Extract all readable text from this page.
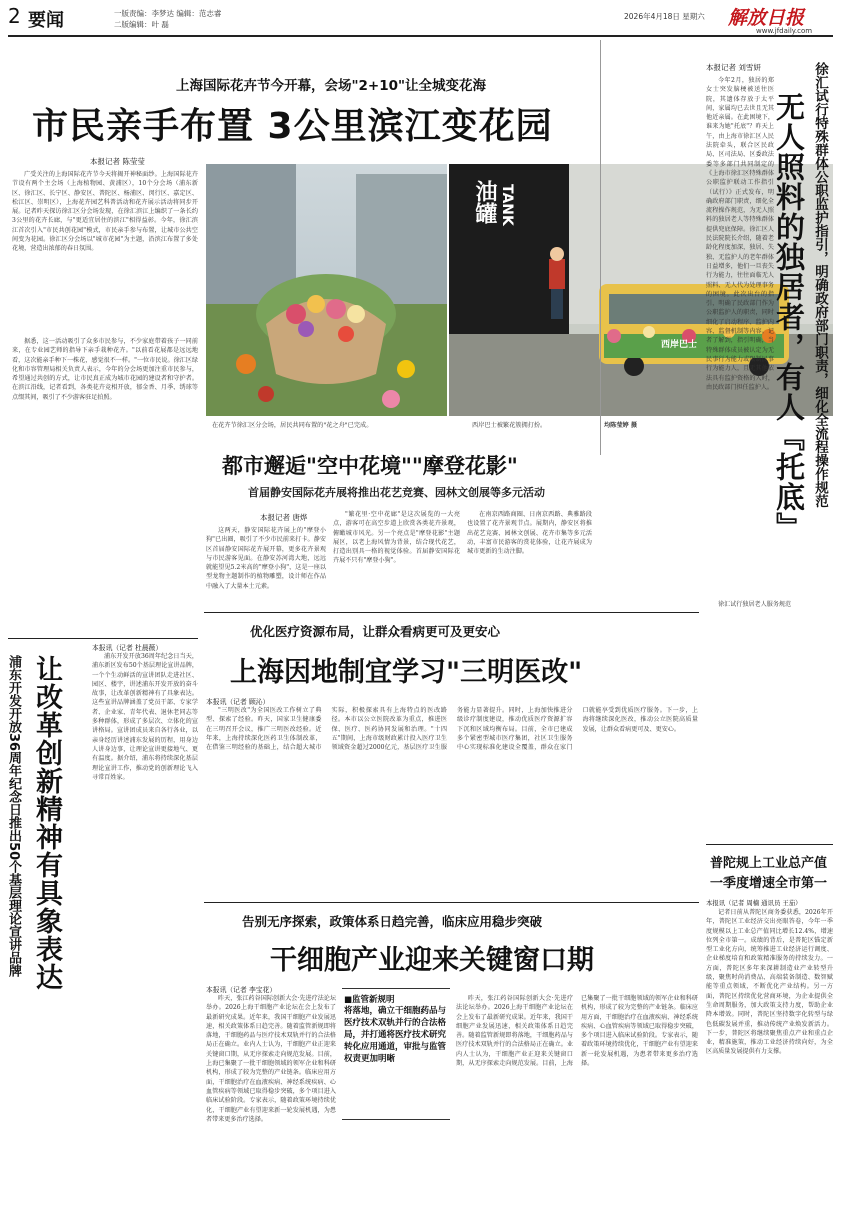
2 要闻	一版责编：李梦达 编辑：范志睿
二版编辑：叶 磊
2026年4月18日 星期六 解放日报
www.jfdaily.com
上海国际花卉节今开幕，会场"2+10"让全城变花海
市民亲手布置 3公里滨江变花园
本报记者 陈莹莹

广受关注的上海国际花卉节今天将揭开神秘面纱。上海国际花卉节设有两个主会场（上海植物园、黄浦区），10个分会场（浦东新区、徐汇区、长宁区、静安区、普陀区、杨浦区、闵行区、嘉定区、松江区、崇明区），上海花卉园艺科普活动和花卉展示活动将同步开展。记者昨天探访徐汇区分会场发现，在徐汇滨江上编织了一条长约3公里的花卉长廊，与"更适宜居住的滨江"相得益彰。今年，徐汇滨江首次引入"市民共创花园"模式，市民亲手参与布置，让城市公共空间变为花园。徐汇区分会场以"城市花园"为主题，沿滨江布置了多处花境，营造出浓郁的春日氛围。

据悉，这一活动吸引了众多市民参与，不少家庭带着孩子一同前来，在专业园艺师的指导下亲手栽种花卉。"以前看花展都是远远地看，这次能亲手种下一株花，感觉很不一样。"一位市民说。徐汇区绿化和市容管理局相关负责人表示，今年的分会场更加注重市民参与，希望通过共创的方式，让市民真正成为城市花园的建设者和守护者。在滨江沿线，记者看到，各类花卉竞相开放，郁金香、月季、绣球等点缀其间，吸引了不少游客驻足拍照。

油罐 TANK
西岸巴士
在花卉节徐汇区分会场，居民共同布置的"花之舟"已完成。	西岸巴士被繁花簇拥打扮。	均陈莹婷 摄
都市邂逅"空中花境""摩登花影"
首届静安国际花卉展将推出花艺竞赛、园林文创展等多元活动
本报记者 唐烨

这两天，静安国际花卉展上的"摩登小狗"已出圈，吸引了不少市民前来打卡。静安区首届静安国际花卉展开幕，更多花卉景观与市民游客见面。在静安苏河湾大地，远远就能望见5.2米高的"摩登小狗"，这是一座以型龙物主题制作的植物雕塑，设计师在作品中融入了大量本土元素。

"繁花里·空中花廊"是这次展览的一大亮点，游客可在高空步道上欣赏各类花卉景观，俯瞰城市风光。另一个亮点是"摩登花影"主题展区，以老上海风情为背景，结合现代花艺，打造出别具一格的视觉体验。首届静安国际花卉展不只有"摩登小狗"。

在南京西路商圈、日南京西路、典雅路段也设置了花卉景观节点。展期内，静安区将推出花艺竞赛、园林文创展、花卉市集等多元活动，丰富市民游客的赏花体验，让花卉展成为城市更新的生动注脚。

本报记者 刘雪妍
无人照料的独居者，有人『托底』 徐汇试行特殊群体公职监护指引，明确政府部门职责，细化全流程操作规范

今年2月，独居的郑女士突发脑梗被送往医院，其遗体存放于太平间，家属均已去世且无其他近亲属。在此困境下，谁来为她"托底"？昨天上午，由上海市徐汇区人民法院牵头，联合区民政局、区司法局、区委政法委等多部门共同制定的《上海市徐汇区特殊群体公职监护联动工作指引（试行）》正式发布，明确政府部门职责，细化全流程操作规范，为无人照料的独居老人等特殊群体提供兜底保障。徐汇区人民法院院长介绍，随着老龄化程度加深，独居、失独、无监护人的老年群体日益增多，他们一旦丧失行为能力，往往面临无人照料、无人代为处理事务的困境。此次出台的指引，明确了民政部门作为公职监护人的职责，同时细化了启动程序、监护内容、监督机制等内容。记者了解到，指引明确，当特殊群体成员被认定为无民事行为能力或限制民事行为能力人，且无其他依法具有监护资格的人时，由民政部门担任监护人。

徐汇试行独居老人服务规范

浦东开发开放36周年纪念日推出50个基层理论宣讲品牌 让改革创新精神有具象表达
本报讯（记者 杜晨薇）

浦东开发开放36周年纪念日当天，浦东新区发布50个基层理论宣讲品牌，一个个生动鲜活的宣讲团队走进社区、园区、楼宇，讲述浦东开发开放的奋斗故事，让改革创新精神有了具象表达。这些宣讲品牌涵盖了党员干部、专家学者、企业家、青年代表、退休老同志等多种群体，形成了多层次、立体化的宣讲格局。宣讲团成员来自各行各业，以亲身经历讲述浦东发展的历程，用身边人讲身边事，让理论宣讲更接地气、更有温度。据介绍，浦东将持续深化基层理论宣讲工作，推动党的创新理论飞入寻常百姓家。

优化医疗资源布局，让群众看病更可及更安心
上海因地制宜学习"三明医改"
本报讯（记者 顾沁）

"三明医改"为全国医改工作树立了典型、探索了经验。昨天，国家卫生健康委在三明召开会议，推广三明医改经验。近年来，上海持续深化医药卫生体制改革，在借鉴三明经验的基础上，结合超大城市实际，积极探索具有上海特点的医改路径。本市以公立医院改革为重点，推进医保、医疗、医药协同发展和治理。"十四五"期间，上海市级财政累计投入医疗卫生领域资金超过2000亿元，基层医疗卫生服务能力显著提升。同时，上海加快推进分级诊疗制度建设，推动优质医疗资源扩容下沉和区域均衡布局。目前，全市已建成多个紧密型城市医疗集团，社区卫生服务中心实现标准化建设全覆盖，群众在家门口就能享受到优质医疗服务。下一步，上海将继续深化医改，推动公立医院高质量发展，让群众看病更可及、更安心。

告别无序探索，政策体系日趋完善，临床应用稳步突破
干细胞产业迎来关键窗口期
本报讯（记者 李宝花）
■监管新规明
将落地，确立干细胞药品与医疗技术双轨并行的合法格局，并打通将医疗技术研究转化应用通道，审批与监管权责更加明晰

昨天，张江药谷国际创新大会·先进疗法论坛举办。2026上海干细胞产业论坛在会上发布了最新研究成果。近年来，我国干细胞产业发展迅速，相关政策体系日趋完善。随着监管新规即将落地，干细胞药品与医疗技术双轨并行的合法格局正在确立。业内人士认为，干细胞产业正迎来关键窗口期，从无序探索走向规范发展。目前，上海已集聚了一批干细胞领域的领军企业和科研机构，形成了较为完整的产业链条。临床应用方面，干细胞治疗在血液疾病、神经系统疾病、心血管疾病等领域已取得稳步突破，多个项目进入临床试验阶段。专家表示，随着政策环境持续优化，干细胞产业有望迎来新一轮发展机遇，为患者带来更多治疗选择。

昨天，张江药谷国际创新大会·先进疗法论坛举办。2026上海干细胞产业论坛在会上发布了最新研究成果。近年来，我国干细胞产业发展迅速，相关政策体系日趋完善。随着监管新规即将落地，干细胞药品与医疗技术双轨并行的合法格局正在确立。业内人士认为，干细胞产业正迎来关键窗口期，从无序探索走向规范发展。目前，上海已集聚了一批干细胞领域的领军企业和科研机构，形成了较为完整的产业链条。临床应用方面，干细胞治疗在血液疾病、神经系统疾病、心血管疾病等领域已取得稳步突破，多个项目进入临床试验阶段。专家表示，随着政策环境持续优化，干细胞产业有望迎来新一轮发展机遇，为患者带来更多治疗选择。

普陀规上工业总产值
一季度增速全市第一
本报讯（记者 周楠 通讯员 王茄）

记者日前从普陀区商务委获悉，2026年开年，普陀区工业经济交出亮眼答卷，今年一季度规模以上工业总产值同比增长12.4%，增速位列全市第一。成绩的背后，是普陀区锚定新型工业化方向，统筹推进工业经济运行调度、企业梯度培育和政策精准服务的持续发力。一方面，普陀区多年来深耕制造业产业转型升级，聚焦时尚消费品、高端装备制造、数智赋能等重点领域，不断优化产业结构。另一方面，普陀区持续优化营商环境，为企业提供全生命周期服务，加大政策支持力度，帮助企业降本增效。同时，普陀区坚持数字化转型与绿色低碳发展并重，推动传统产业焕发新活力。下一步，普陀区将继续聚焦重点产业和重点企业，精准施策，推动工业经济持续向好，为全区高质量发展提供有力支撑。
